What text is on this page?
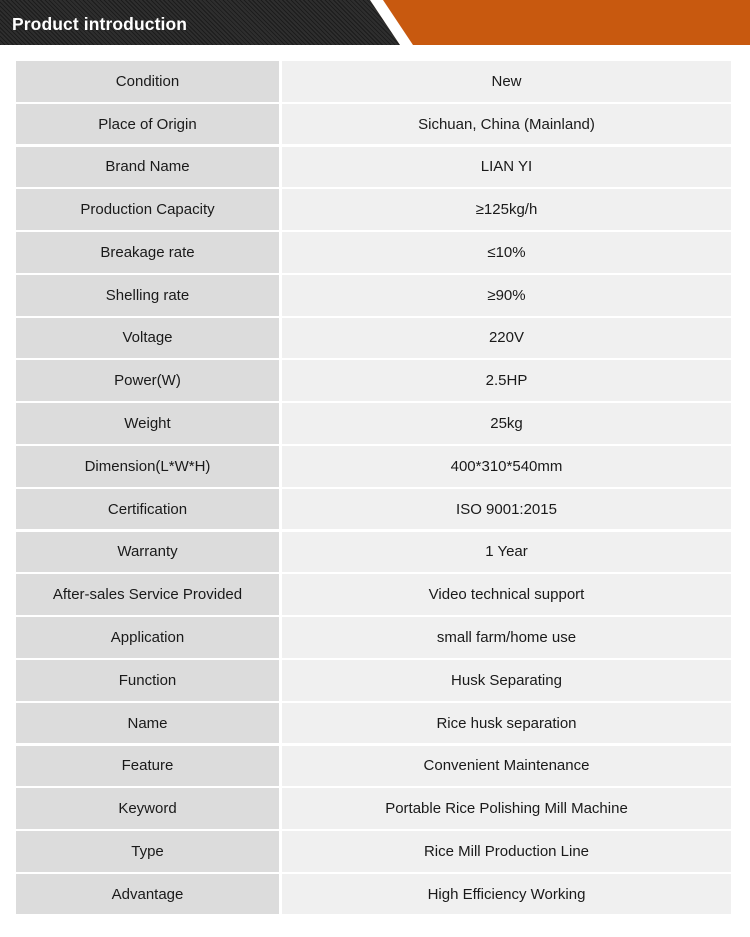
Product introduction
Condition	New
Place of Origin	Sichuan, China (Mainland)
Brand Name	LIAN YI
Production Capacity	≥125kg/h
Breakage rate	≤10%
Shelling rate	≥90%
Voltage	220V
Power(W)	2.5HP
Weight	25kg
Dimension(L*W*H)	400*310*540mm
Certification	ISO 9001:2015
Warranty	1 Year
After-sales Service Provided	Video technical support
Application	small farm/home use
Function	Husk Separating
Name	Rice husk separation
Feature	Convenient Maintenance
Keyword	Portable Rice Polishing Mill Machine
Type	Rice Mill Production Line
Advantage	High Efficiency Working
